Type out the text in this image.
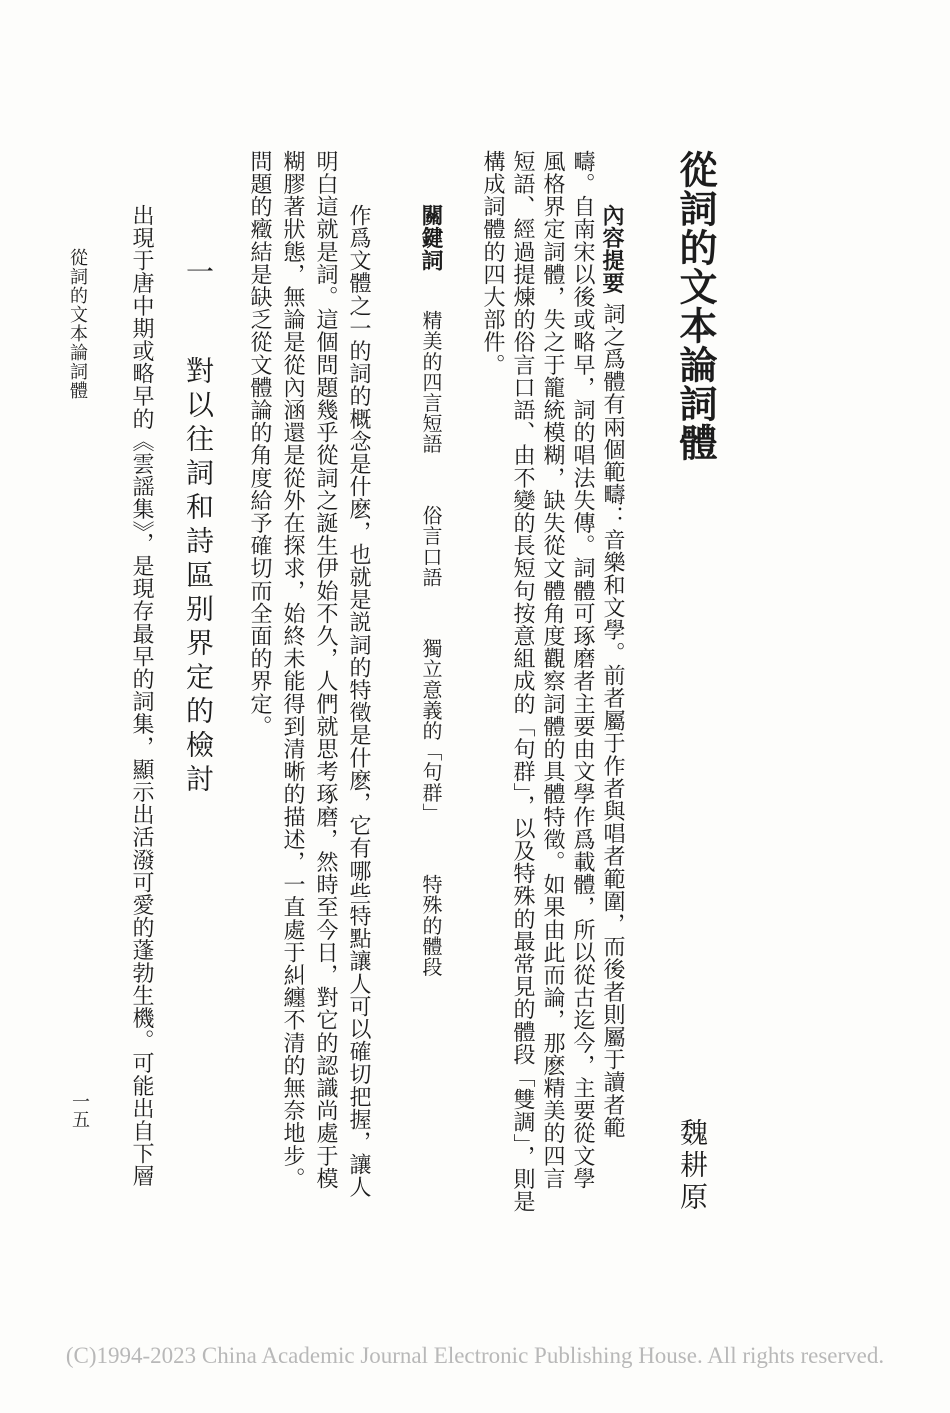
從詞的文本論詞體
魏耕原
內容提要詞之爲體有兩個範疇：音樂和文學。前者屬于作者與唱者範圍，而後者則屬于讀者範
疇。自南宋以後或略早，詞的唱法失傳。詞體可琢磨者主要由文學作爲載體，所以從古迄今，主要從文學
風格界定詞體，失之于籠統模糊，缺失從文體角度觀察詞體的具體特徵。如果由此而論，那麽精美的四言
短語、經過提煉的俗言口語、由不變的長短句按意組成的「句群」，以及特殊的最常見的體段「雙調」，則是
構成詞體的四大部件。
關鍵詞 精美的四言短語 俗言口語 獨立意義的「句群」 特殊的體段
作爲文體之一的詞的概念是什麽，也就是説詞的特徵是什麽，它有哪些特點讓人可以確切把握，讓人
明白這就是詞。這個問題幾乎從詞之誕生伊始不久，人們就思考琢磨，然時至今日，對它的認識尚處于模
糊膠著狀態，無論是從內涵還是從外在探求，始終未能得到清晰的描述，一直處于糾纏不清的無奈地步。
問題的癥結是缺乏從文體論的角度給予確切而全面的界定。
一 對以往詞和詩區别界定的檢討
出現于唐中期或略早的《雲謡集》，是現存最早的詞集，顯示出活潑可愛的蓬勃生機。可能出自下層
從詞的文本論詞體
一五
(C)1994-2023 China Academic Journal Electronic Publishing House. All rights reserved.
